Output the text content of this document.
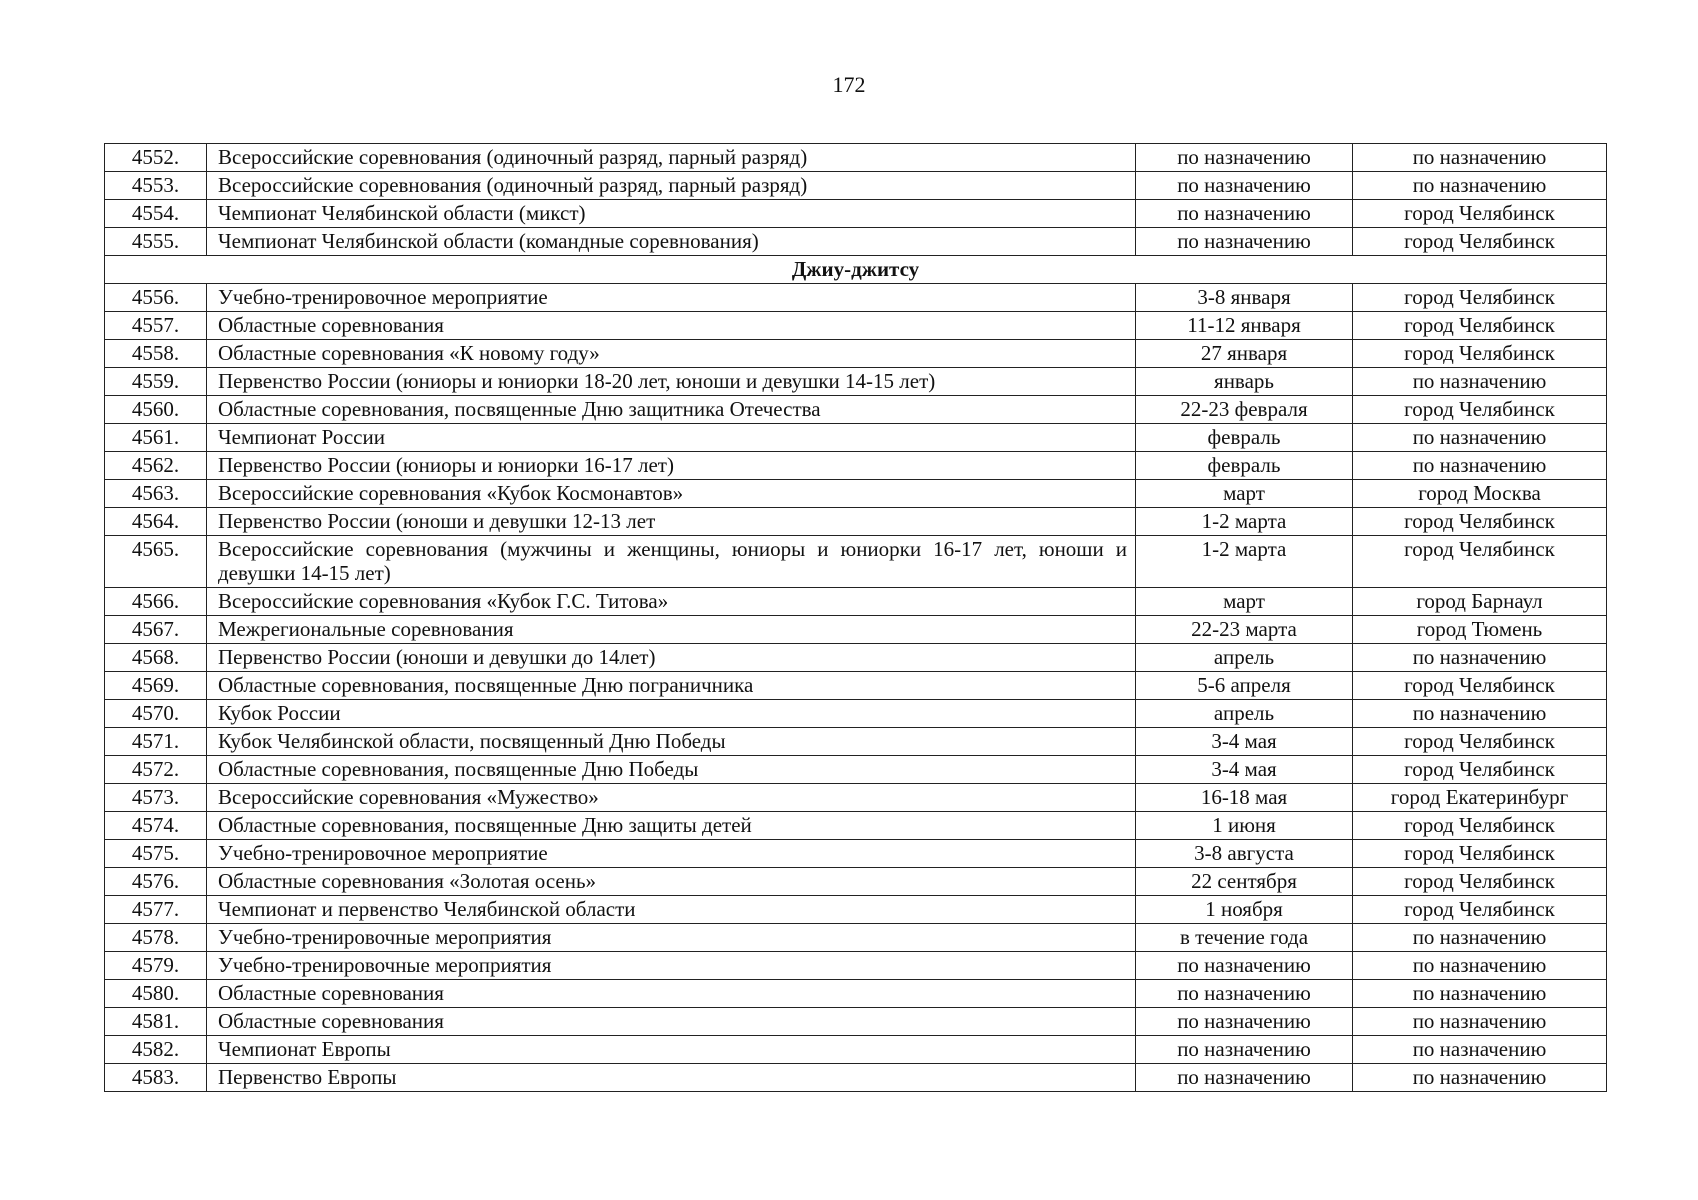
172
4552.	Всероссийские соревнования (одиночный разряд, парный разряд)	по назначению	по назначению
4553.	Всероссийские соревнования (одиночный разряд, парный разряд)	по назначению	по назначению
4554.	Чемпионат Челябинской области (микст)	по назначению	город Челябинск
4555.	Чемпионат Челябинской области (командные соревнования)	по назначению	город Челябинск
Джиу-джитсу			
4556.	Учебно-тренировочное мероприятие	3-8 января	город Челябинск
4557.	Областные соревнования	11-12 января	город Челябинск
4558.	Областные соревнования «К новому году»	27 января	город Челябинск
4559.	Первенство России (юниоры и юниорки 18-20 лет, юноши и девушки 14-15 лет)	январь	по назначению
4560.	Областные соревнования, посвященные Дню защитника Отечества	22-23 февраля	город Челябинск
4561.	Чемпионат России	февраль	по назначению
4562.	Первенство России (юниоры и юниорки 16-17 лет)	февраль	по назначению
4563.	Всероссийские соревнования «Кубок Космонавтов»	март	город Москва
4564.	Первенство России (юноши и девушки 12-13 лет	1-2 марта	город Челябинск
4565.	Всероссийские соревнования (мужчины и женщины, юниоры и юниорки 16-17 лет, юноши и девушки 14-15 лет)	1-2 марта	город Челябинск
4566.	Всероссийские соревнования «Кубок Г.С. Титова»	март	город Барнаул
4567.	Межрегиональные соревнования	22-23 марта	город Тюмень
4568.	Первенство России (юноши и девушки до 14лет)	апрель	по назначению
4569.	Областные соревнования, посвященные Дню пограничника	5-6 апреля	город Челябинск
4570.	Кубок России	апрель	по назначению
4571.	Кубок Челябинской области, посвященный Дню Победы	3-4 мая	город Челябинск
4572.	Областные соревнования, посвященные Дню Победы	3-4 мая	город Челябинск
4573.	Всероссийские соревнования «Мужество»	16-18 мая	город Екатеринбург
4574.	Областные соревнования, посвященные Дню защиты детей	1 июня	город Челябинск
4575.	Учебно-тренировочное мероприятие	3-8 августа	город Челябинск
4576.	Областные соревнования «Золотая осень»	22 сентября	город Челябинск
4577.	Чемпионат и первенство Челябинской области	1 ноября	город Челябинск
4578.	Учебно-тренировочные мероприятия	в течение года	по назначению
4579.	Учебно-тренировочные мероприятия	по назначению	по назначению
4580.	Областные соревнования	по назначению	по назначению
4581.	Областные соревнования	по назначению	по назначению
4582.	Чемпионат Европы	по назначению	по назначению
4583.	Первенство Европы	по назначению	по назначению
